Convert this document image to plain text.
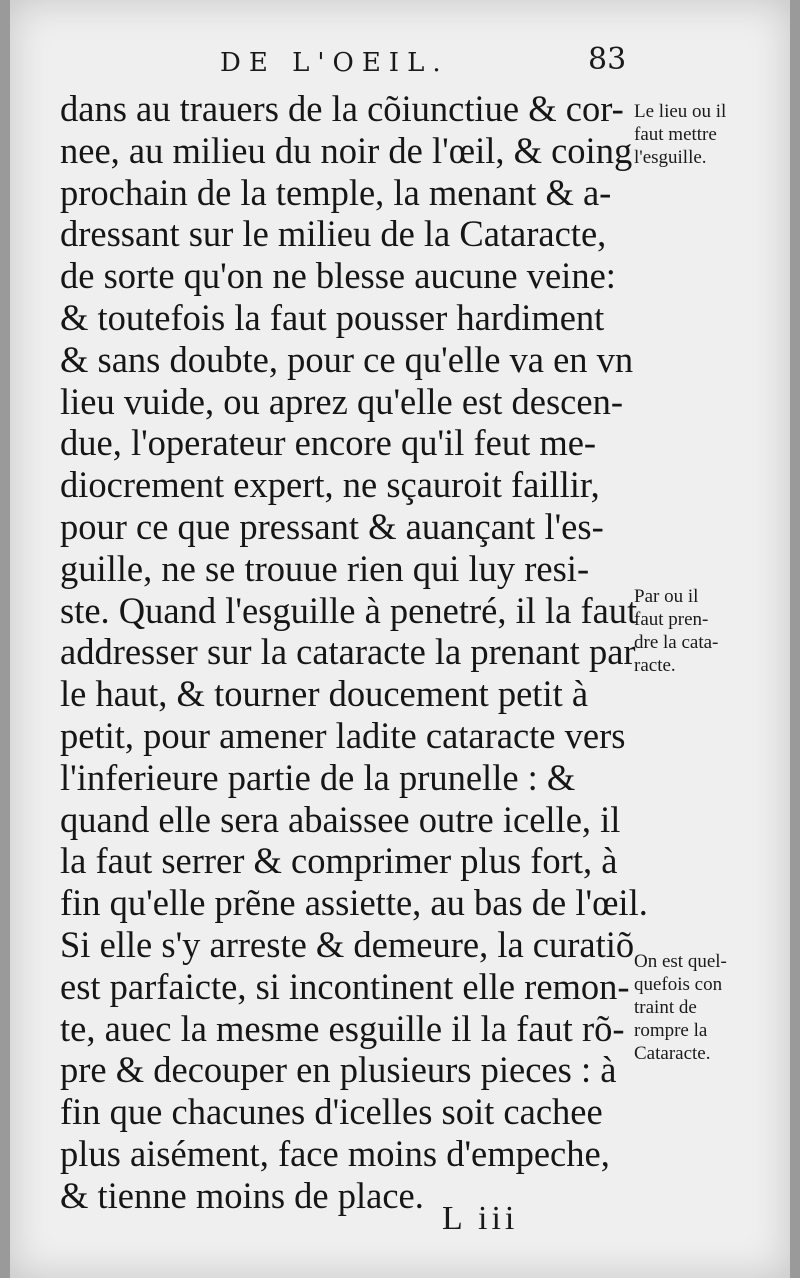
DE L'OEIL.	83
dans au trauers de la cõiunctiue & cor-
nee, au milieu du noir de l'œil, & coing
prochain de la temple, la menant & a-
dressant sur le milieu de la Cataracte,
de sorte qu'on ne blesse aucune veine:
& toutefois la faut pousser hardiment
& sans doubte, pour ce qu'elle va en vn
lieu vuide, ou aprez qu'elle est descen-
due, l'operateur encore qu'il feut me-
diocrement expert, ne sçauroit faillir,
pour ce que pressant & auançant l'es-
guille, ne se trouue rien qui luy resi-
ste. Quand l'esguille à penetré, il la faut
addresser sur la cataracte la prenant par
le haut, & tourner doucement petit à
petit, pour amener ladite cataracte vers
l'inferieure partie de la prunelle : &
quand elle sera abaissee outre icelle, il
la faut serrer & comprimer plus fort, à
fin qu'elle prẽne assiette, au bas de l'œil.
Si elle s'y arreste & demeure, la curatiõ
est parfaicte, si incontinent elle remon-
te, auec la mesme esguille il la faut rõ-
pre & decouper en plusieurs pieces : à
fin que chacunes d'icelles soit cachee
plus aisément, face moins d'empeche,
& tienne moins de place.
Le lieu ou il
faut mettre
l'esguille.
Par ou il
faut pren-
dre la cata-
racte.
On est quel-
quefois con
traint de
rompre la
Cataracte.
L iii
